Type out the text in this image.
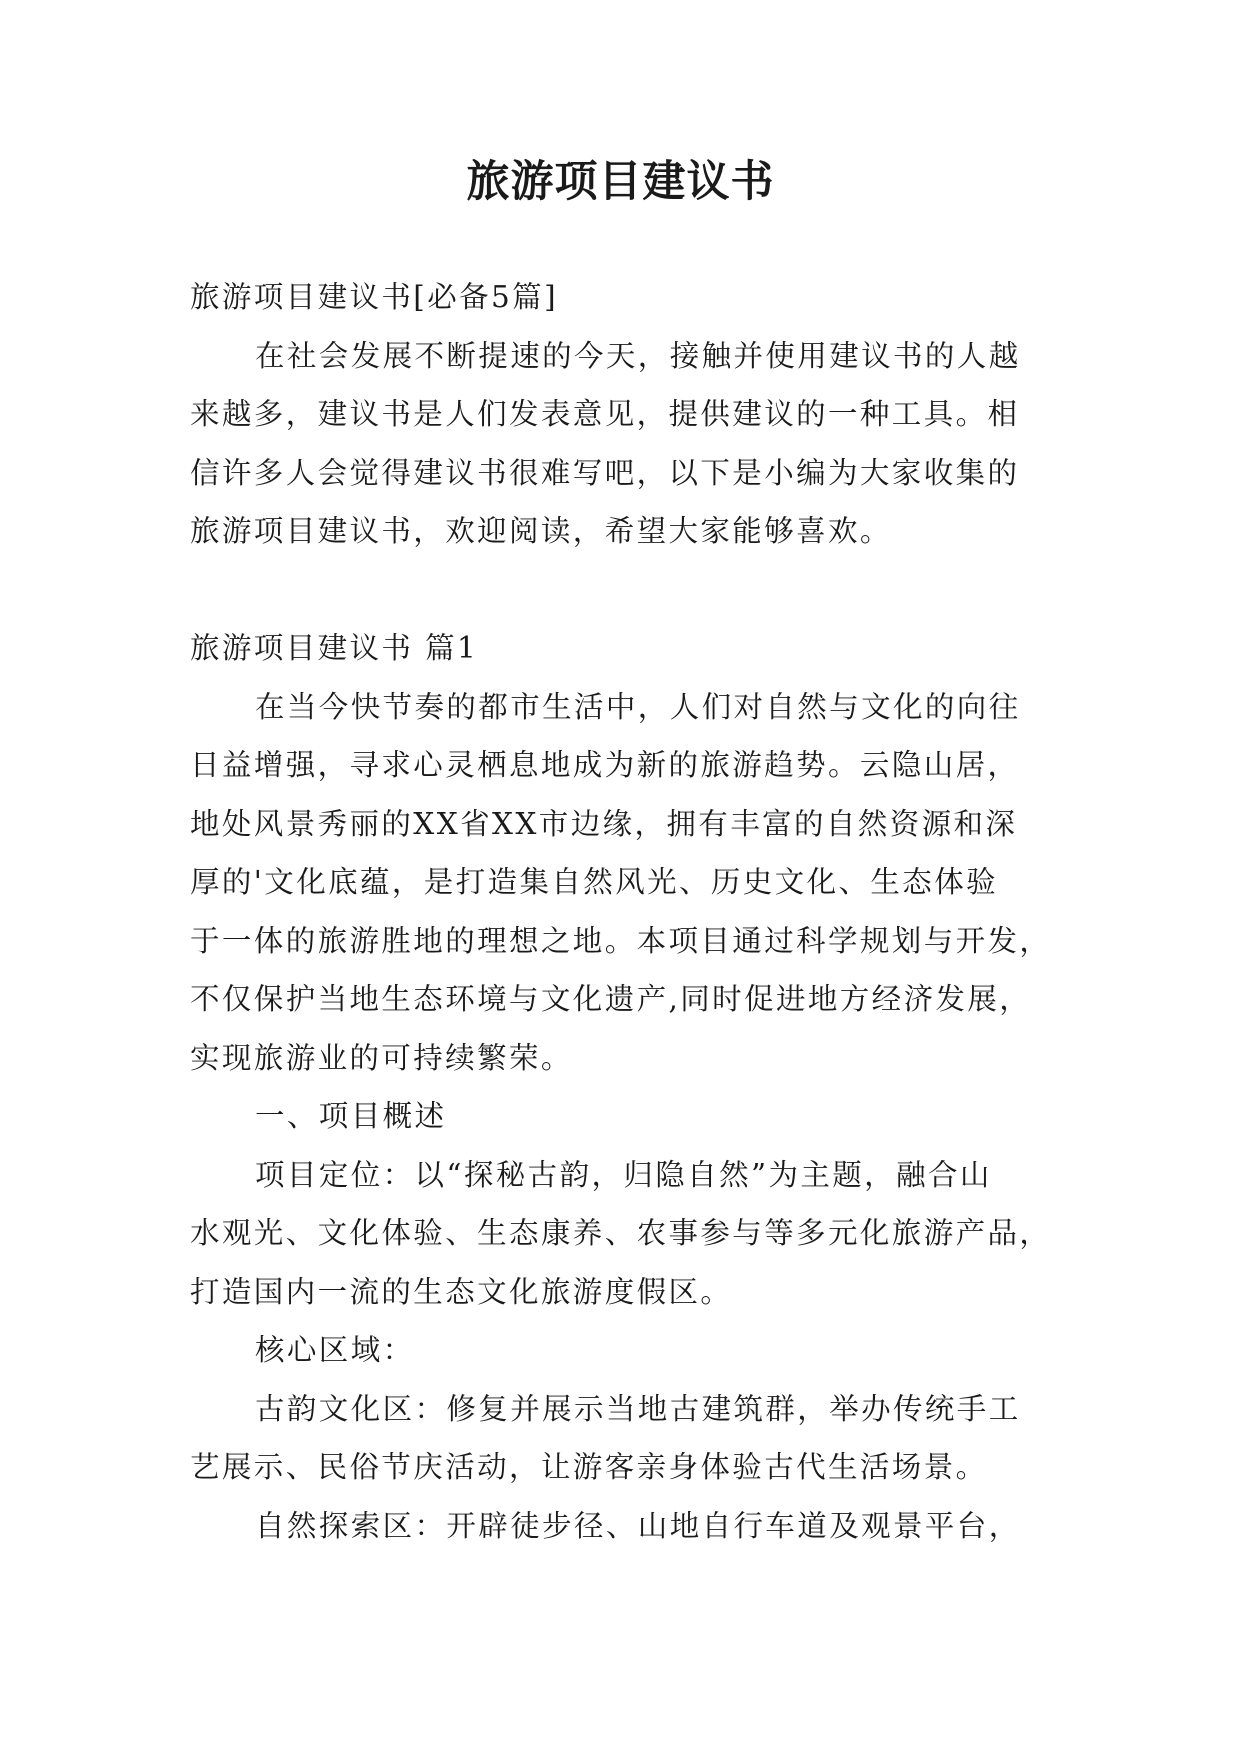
旅游项目建议书
旅游项目建议书[必备5篇]
在社会发展不断提速的今天，接触并使用建议书的人越
来越多，建议书是人们发表意见，提供建议的一种工具。相
信许多人会觉得建议书很难写吧，以下是小编为大家收集的
旅游项目建议书，欢迎阅读，希望大家能够喜欢。
旅游项目建议书 篇1
在当今快节奏的都市生活中，人们对自然与文化的向往
日益增强，寻求心灵栖息地成为新的旅游趋势。云隐山居，
地处风景秀丽的XX省XX市边缘，拥有丰富的自然资源和深
厚的'文化底蕴，是打造集自然风光、历史文化、生态体验
于一体的旅游胜地的理想之地。本项目通过科学规划与开发，
不仅保护当地生态环境与文化遗产,同时促进地方经济发展，
实现旅游业的可持续繁荣。
一、项目概述
项目定位：以“探秘古韵，归隐自然”为主题，融合山
水观光、文化体验、生态康养、农事参与等多元化旅游产品，
打造国内一流的生态文化旅游度假区。
核心区域：
古韵文化区：修复并展示当地古建筑群，举办传统手工
艺展示、民俗节庆活动，让游客亲身体验古代生活场景。
自然探索区：开辟徒步径、山地自行车道及观景平台，
